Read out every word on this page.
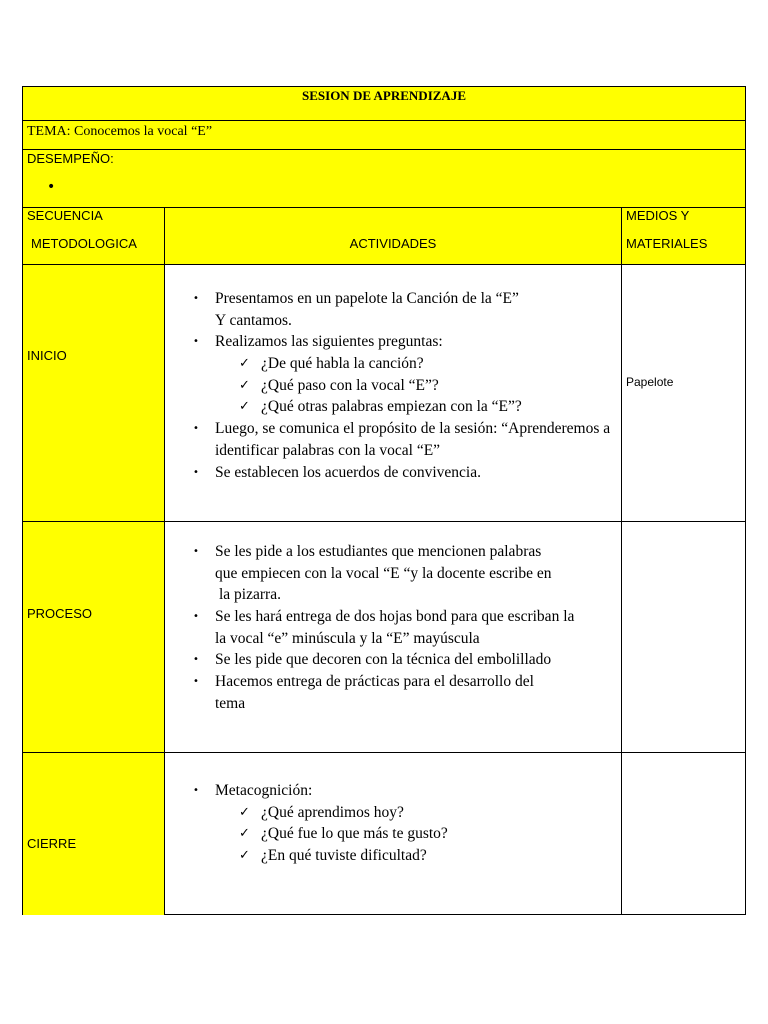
SESION DE APRENDIZAJE
TEMA: Conocemos la vocal “E”
DESEMPEÑO:
•
SECUENCIA
METODOLOGICA	ACTIVIDADES
MEDIOS Y
MATERIALES
INICIO
• Presentamos en un papelote la Canción de la “E”
Y cantamos.
• Realizamos las siguientes preguntas:
✓ ¿De qué habla la canción?
✓ ¿Qué paso con la vocal “E”?
✓ ¿Qué otras palabras empiezan con la “E”?
• Luego, se comunica el propósito de la sesión: “Aprenderemos a
identificar palabras con la vocal “E”
• Se establecen los acuerdos de convivencia.
Papelote
PROCESO
• Se les pide a los estudiantes que mencionen palabras
que empiecen con la vocal “E “y la docente escribe en
la pizarra.
• Se les hará entrega de dos hojas bond para que escriban la
la vocal “e” minúscula y la “E” mayúscula
• Se les pide que decoren con la técnica del embolillado
• Hacemos entrega de prácticas para el desarrollo del
tema
CIERRE
• Metacognición:
✓ ¿Qué aprendimos hoy?
✓ ¿Qué fue lo que más te gusto?
✓ ¿En qué tuviste dificultad?
